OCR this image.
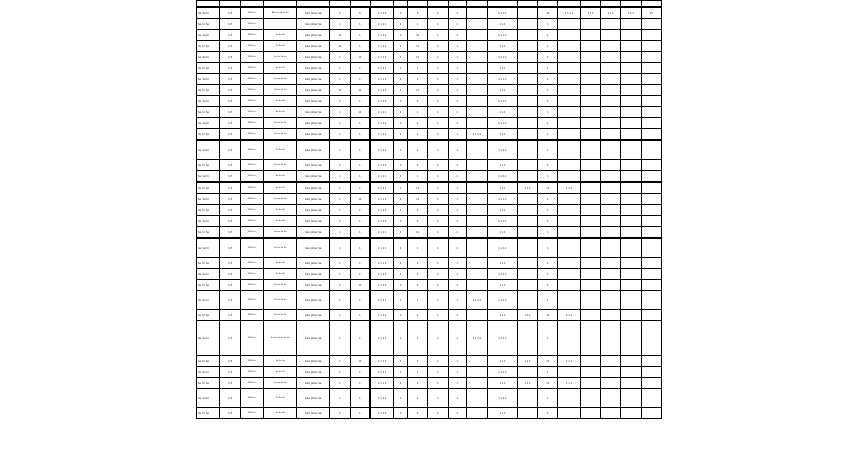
Sa, Sa tri	1/3	1999 sk.	Akhrat Jahan Sa	Kavi Jahan Sa	1	5	1 1 1 1	1	5	1	1		1.1 1.1		10	1 1.1 1	1 1 1	1 1 1	1 1.1	15
Sa. tri Sa	1/3	1999 sk.		Kavi Jahan Sa	1	1	1 1 1 1	1	1	1	1		1 1.1		1					
Sa. Sa tri	1/3	1999 sk.	Sa Sa Sa	Kavi Jahan Sa	31	1	1 1 1 1	1	31	1	1		1.1 1.1		1					
Sa. tri Sa	1/3	1999 sk.	Sa Sa Sa	Kavi Jahan Sa	11	1	1 1 1 1	1	11	1	1		1 1.1		1					
Sa. Sa tri	1/3	1999 sk.	Sa Sa Sa Sa	Kavi Jahan Sa	1	11	1 1 1 1	1	11	1	1		1.1 1.1		1					
Sa. tri Sa	1/3	1999 sk.	Sa Sa Sa	Kavi Jahan Sa	1	1	1 1 1 1	1	1	1	1		1 1.1		1					
Sa. Sa tri	1/3	1999 sk.	Sa Sa Sa Sa	Kavi Jahan Sa	1	1	1 1 1 1	1	1	1	1		1.1 1.1		1					
Sa. tri Sa	1/3	1999 sk.	Sa Sa Sa Sa	Kavi Jahan Sa	11	11	1 1 1 1	1	11	1	1		1 1.1		1					
Sa. Sa tri	1/3	1999 sk.	Sa Sa Sa	Kavi Jahan Sa	1	1	1 1 1 1	1	1	1	1		1.1 1.1		1					
Sa. tri Sa	1/3	1999 sk.	Sa Sa Sa	Kavi Jahan Sa	1	11	1 1 1 1	1	1	1	1		1 1.1		1					
Sa. Sa tri	1/3	1999 sk.	Sa Sa Sa Sa	Kavi Jahan Sa	1	1	1 1 1 1	1	1	1	1		1.1 1.1		1					
Sa. tri Sa	1/3	1999 sk.	Sa Sa Sa Sa	Kavi Jahan Sa	1	1	1 1 1 1	1	1	1	1	1.1 1.1	1 1.1		1					
Sa. Sa tri	1/3	1999 sk.	Sa Sa Sa	Kavi Jahan Sa	1	1	1 1 1 1	1	1	1	1		1.1 1.1		1					
Sa. tri Sa	1/3	1999 sk.	Sa Sa Sa Sa	Kavi Jahan Sa	1	1	1 1 1 1	1	1	1	1		1 1.1		1					
Sa. Sa tri	1/3	1999 sk.	Sa Sa Sa	Kavi Jahan Sa	1	1	1 1 1 1	1	1	1	1		1.1 1.1		1					
Sa. tri Sa	1/3	1999 sk.	Sa Sa Sa	Kavi Jahan Sa	1	1	1 1 1 1	1	11	1	1		1 1.1	1.1 1	11	1 1.1				
Sa. Sa tri	1/3	1999 sk.	Sa Sa Sa Sa	Kavi Jahan Sa	1	11	1 1 1 1	1	11	1	1		1.1 1.1		1					
Sa. tri Sa	1/3	1999 sk.	Sa Sa Sa	Kavi Jahan Sa	1	1	1 1 1 1	1	1	1	1		1 1.1		1					
Sa. Sa tri	1/3	1999 sk.	Sa Sa Sa	Kavi Jahan Sa	1	1	1 1 1 1	1	1	1	1		1.1 1.1		1					
Sa. tri Sa	1/3	1999 sk.	Sa Sa Sa Sa	Kavi Jahan Sa	1	1	1 1 1 1	1	11	1	1		1 1.1		1					
Sa. Sa tri	1/3	1999 sk.	Sa Sa Sa Sa	Kavi Jahan Sa	1	1	1 1 1 1	1	1	1	1		1.1 1.1		1					
Sa. tri Sa	1/3	1999 sk.	Sa Sa Sa	Kavi Jahan Sa	1	1	1 1 1 1	1	1	1	1		1 1.1		1					
Sa. Sa tri	1/3	1999 sk.	Sa Sa Sa	Kavi Jahan Sa	1	1	1 1 1 1	1	1	1	1		1.1 1.1		1					
Sa. tri Sa	1/3	1999 sk.	Sa Sa Sa Sa	Kavi Jahan Sa	1	11	1 1 1 1	1	1	1	1		1 1.1		1					
Sa. Sa tri	1/3	1999 sk.	Sa Sa Sa Sa	Kavi Jahan Sa	1	1	1 1 1 1	1	1	1	1	1.1 1.1	1.1 1.1		1					
Sa. tri Sa	1/3	1999 sk.	Sa Sa Sa Sa	Kavi Jahan Sa	1	1	1 1 1 1	1	1	1	1		1 1.1	1.1 1	11	1 1.1				
Sa. Sa tri	1/3	1999 sk.	Sa Sa Sa Sa Sa Sa	Kavi Jahan Sa	1	1	1 1 1 1	1	1	1	1	1.1 1.1	1.1 1.1		1					
Sa. tri Sa	1/3	1999 sk.	Sa Sa Sa	Kavi Jahan Sa	1	11	1 1 1 1	1	1	1	1		1 1.1	1.1 1	11	1 1.1				
Sa. Sa tri	1/3	1999 sk.	Sa Sa Sa	Kavi Jahan Sa	1	1	1 1 1 1	1	1	1	1		1.1 1.1		1					
Sa. tri Sa	1/3	1999 sk.	Sa Sa Sa Sa	Kavi Jahan Sa	1	1	1 1 1 1	1	1	1	1		1 1.1	1.1 1	11	1 1.1				
Sa. Sa tri	1/3	1999 sk.	Sa Sa Sa	Kavi Jahan Sa	1	1	1 1 1 1	1	1	1	1		1.1 1.1		1					
Sa. tri Sa	1/3	1999 sk.	Sa Sa Sa	Kavi Jahan Sa	1	1	1 1 1 1	1	1	1	1		1 1.1		1					
